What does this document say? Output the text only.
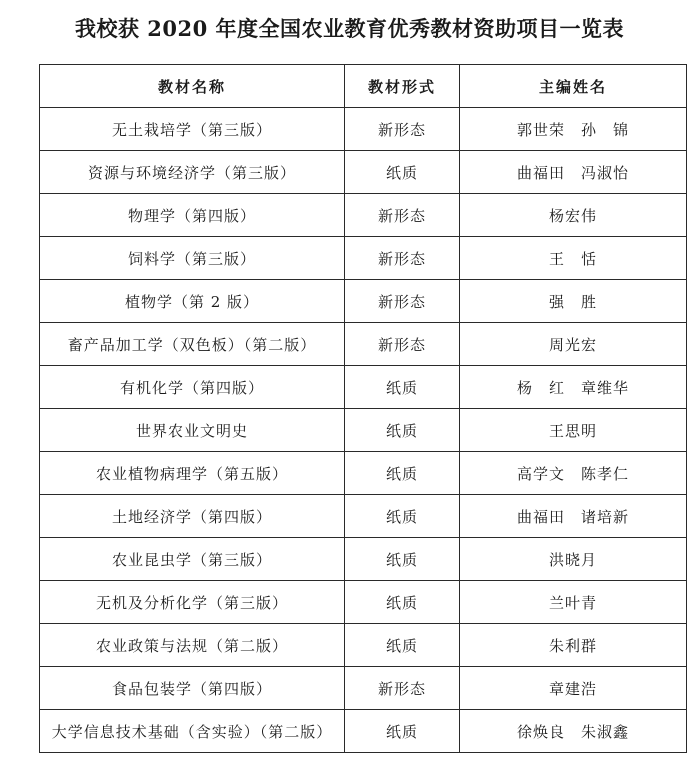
我校获 2020 年度全国农业教育优秀教材资助项目一览表
教材名称	教材形式	主编姓名
无土栽培学（第三版）	新形态	郭世荣　孙　锦
资源与环境经济学（第三版）	纸质	曲福田　冯淑怡
物理学（第四版）	新形态	杨宏伟
饲料学（第三版）	新形态	王　恬
植物学（第 2 版）	新形态	强　胜
畜产品加工学（双色板）（第二版）	新形态	周光宏
有机化学（第四版）	纸质	杨　红　章维华
世界农业文明史	纸质	王思明
农业植物病理学（第五版）	纸质	高学文　陈孝仁
土地经济学（第四版）	纸质	曲福田　诸培新
农业昆虫学（第三版）	纸质	洪晓月
无机及分析化学（第三版）	纸质	兰叶青
农业政策与法规（第二版）	纸质	朱利群
食品包装学（第四版）	新形态	章建浩
大学信息技术基础（含实验）（第二版）	纸质	徐焕良　朱淑鑫
